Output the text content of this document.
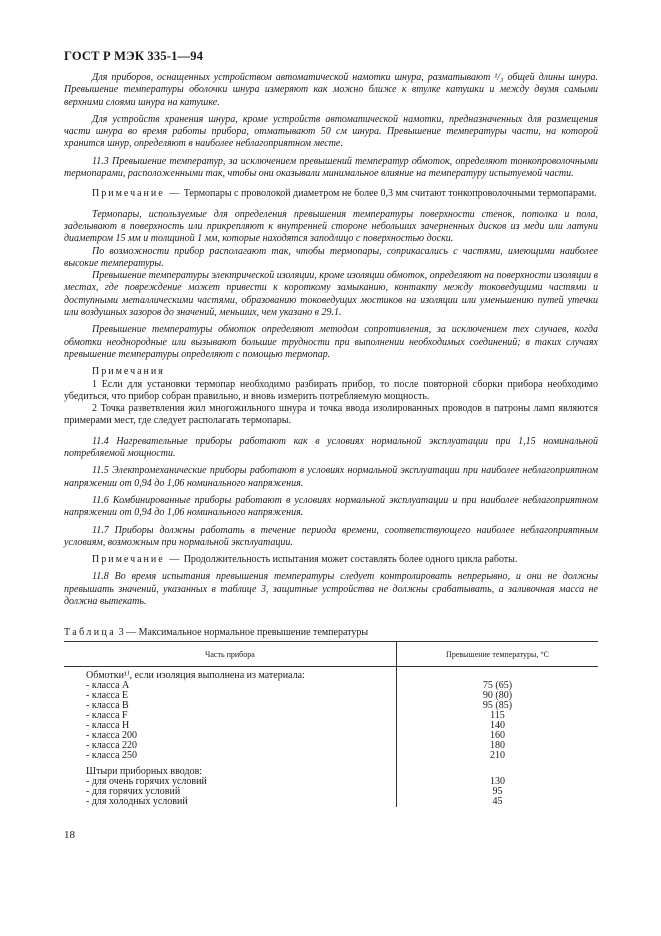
ГОСТ Р МЭК 335-1—94

Для приборов, оснащенных устройством автоматической намотки шнура, разматывают ¹/₃ общей длины шнура. Превышение температуры оболочки шнура измеряют как можно ближе к втулке катушки и между двумя самыми верхними слоями шнура на катушке.

Для устройств хранения шнура, кроме устройств автоматической намотки, предназначенных для размещения части шнура во время работы прибора, отматывают 50 см шнура. Превышение температуры части, на которой хранится шнур, определяют в наиболее неблагоприятном месте.

11.3 Превышение температур, за исключением превышений температур обмоток, определяют тонкопроволочными термопарами, расположенными так, чтобы они оказывали минимальное влияние на температуру испытуемой части.

Примечание — Термопары с проволокой диаметром не более 0,3 мм считают тонкопроволочными термопарами.

Термопары, используемые для определения превышения температуры поверхности стенок, потолка и пола, заделывают в поверхность или прикрепляют к внутренней стороне небольших зачерненных дисков из меди или латуни диаметром 15 мм и толщиной 1 мм, которые находятся заподлицо с поверхностью доски.

По возможности прибор располагают так, чтобы термопары, соприкасались с частями, имеющими наиболее высокие температуры.

Превышение температуры электрической изоляции, кроме изоляции обмоток, определяют на поверхности изоляции в местах, где повреждение может привести к короткому замыканию, контакту между токоведущими частями и доступными металлическими частями, образованию токоведущих мостиков на изоляции или уменьшению путей утечки или воздушных зазоров до значений, меньших, чем указано в 29.1.

Превышение температуры обмоток определяют методом сопротивления, за исключением тех случаев, когда обмотки неоднородные или вызывают большие трудности при выполнении необходимых соединений; в таких случаях превышение температуры определяют с помощью термопар.

Примечания

1 Если для установки термопар необходимо разбирать прибор, то после повторной сборки прибора необходимо убедиться, что прибор собран правильно, и вновь измерить потребляемую мощность.

2 Точка разветвления жил многожильного шнура и точка ввода изолированных проводов в патроны ламп являются примерами мест, где следует располагать термопары.

11.4 Нагревательные приборы работают как в условиях нормальной эксплуатации при 1,15 номинальной потребляемой мощности.

11.5 Электромеханические приборы работают в условиях нормальной эксплуатации при наиболее неблагоприятном напряжении от 0,94 до 1,06 номинального напряжения.

11.6 Комбинированные приборы работают в условиях нормальной эксплуатации и при наиболее неблагоприятном напряжении от 0,94 до 1,06 номинального напряжения.

11.7 Приборы должны работать в течение периода времени, соответствующего наиболее неблагоприятным условиям, возможным при нормальной эксплуатации.

Примечание — Продолжительность испытания может составлять более одного цикла работы.

11.8 Во время испытания превышения температуры следует контролировать непрерывно, и они не должны превышать значений, указанных в таблице 3, защитные устройства не должны срабатывать, а заливочная масса не должна вытекать.

Таблица 3 — Максимальное нормальное превышение температуры
Часть прибора	Превышение температуры, °С
Обмотки¹⁾, если изоляция выполнена из материала:	
- класса А	75 (65)
- класса Е	90 (80)
- класса В	95 (85)
- класса F	115
- класса Н	140
- класса 200	160
- класса 220	180
- класса 250	210
Штыри приборных вводов:	
- для очень горячих условий	130
- для горячих условий	95
- для холодных условий	45
18
